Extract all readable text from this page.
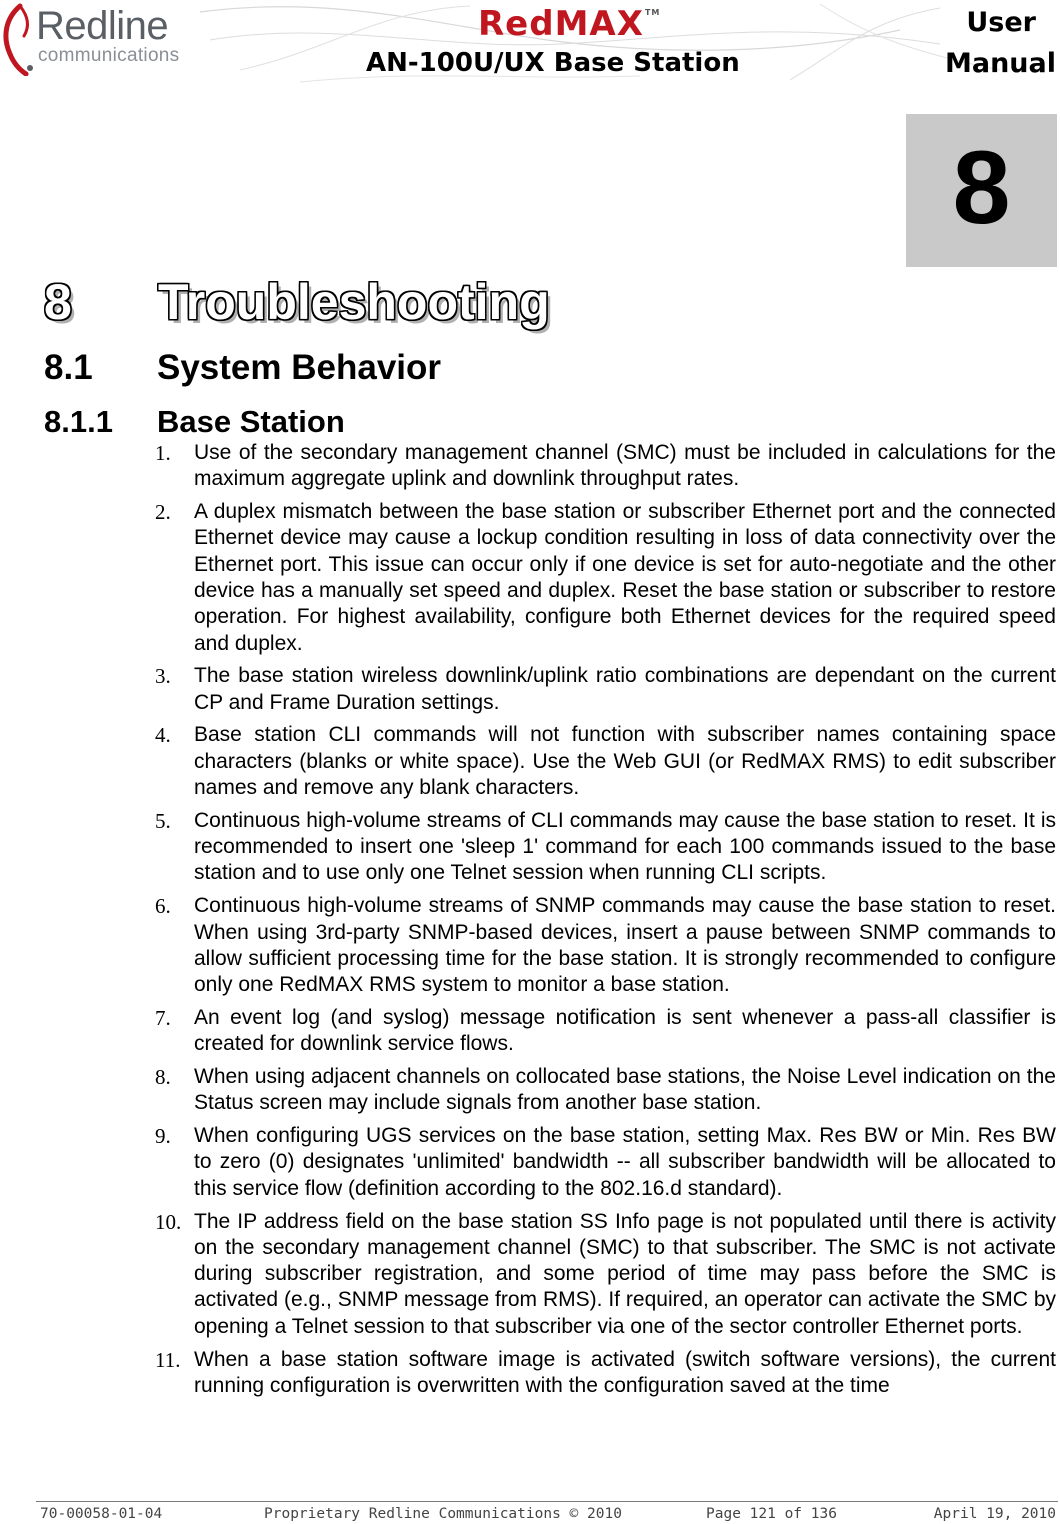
Redline
communications
RedMAX™
AN-100U/UX Base Station
User
Manual
8
8 Troubleshooting
8.1 System Behavior
8.1.1 Base Station
1. Use of the secondary management channel (SMC) must be included in calculations for the maximum aggregate uplink and downlink throughput rates.
2. A duplex mismatch between the base station or subscriber Ethernet port and the connected Ethernet device may cause a lockup condition resulting in loss of data connectivity over the Ethernet port. This issue can occur only if one device is set for auto-negotiate and the other device has a manually set speed and duplex. Reset the base station or subscriber to restore operation. For highest availability, configure both Ethernet devices for the required speed and duplex.
3. The base station wireless downlink/uplink ratio combinations are dependant on the current CP and Frame Duration settings.
4. Base station CLI commands will not function with subscriber names containing space characters (blanks or white space). Use the Web GUI (or RedMAX RMS) to edit subscriber names and remove any blank characters.
5. Continuous high-volume streams of CLI commands may cause the base station to reset. It is recommended to insert one 'sleep 1' command for each 100 commands issued to the base station and to use only one Telnet session when running CLI scripts.
6. Continuous high-volume streams of SNMP commands may cause the base station to reset. When using 3rd-party SNMP-based devices, insert a pause between SNMP commands to allow sufficient processing time for the base station. It is strongly recommended to configure only one RedMAX RMS system to monitor a base station.
7. An event log (and syslog) message notification is sent whenever a pass-all classifier is created for downlink service flows.
8. When using adjacent channels on collocated base stations, the Noise Level indication on the Status screen may include signals from another base station.
9. When configuring UGS services on the base station, setting Max. Res BW or Min. Res BW to zero (0) designates 'unlimited' bandwidth -- all subscriber bandwidth will be allocated to this service flow (definition according to the 802.16.d standard).
10. The IP address field on the base station SS Info page is not populated until there is activity on the secondary management channel (SMC) to that subscriber. The SMC is not activate during subscriber registration, and some period of time may pass before the SMC is activated (e.g., SNMP message from RMS). If required, an operator can activate the SMC by opening a Telnet session to that subscriber via one of the sector controller Ethernet ports.
11. When a base station software image is activated (switch software versions), the current running configuration is overwritten with the configuration saved at the time
70-00058-01-04	Proprietary Redline Communications © 2010	Page 121 of 136	April 19, 2010
